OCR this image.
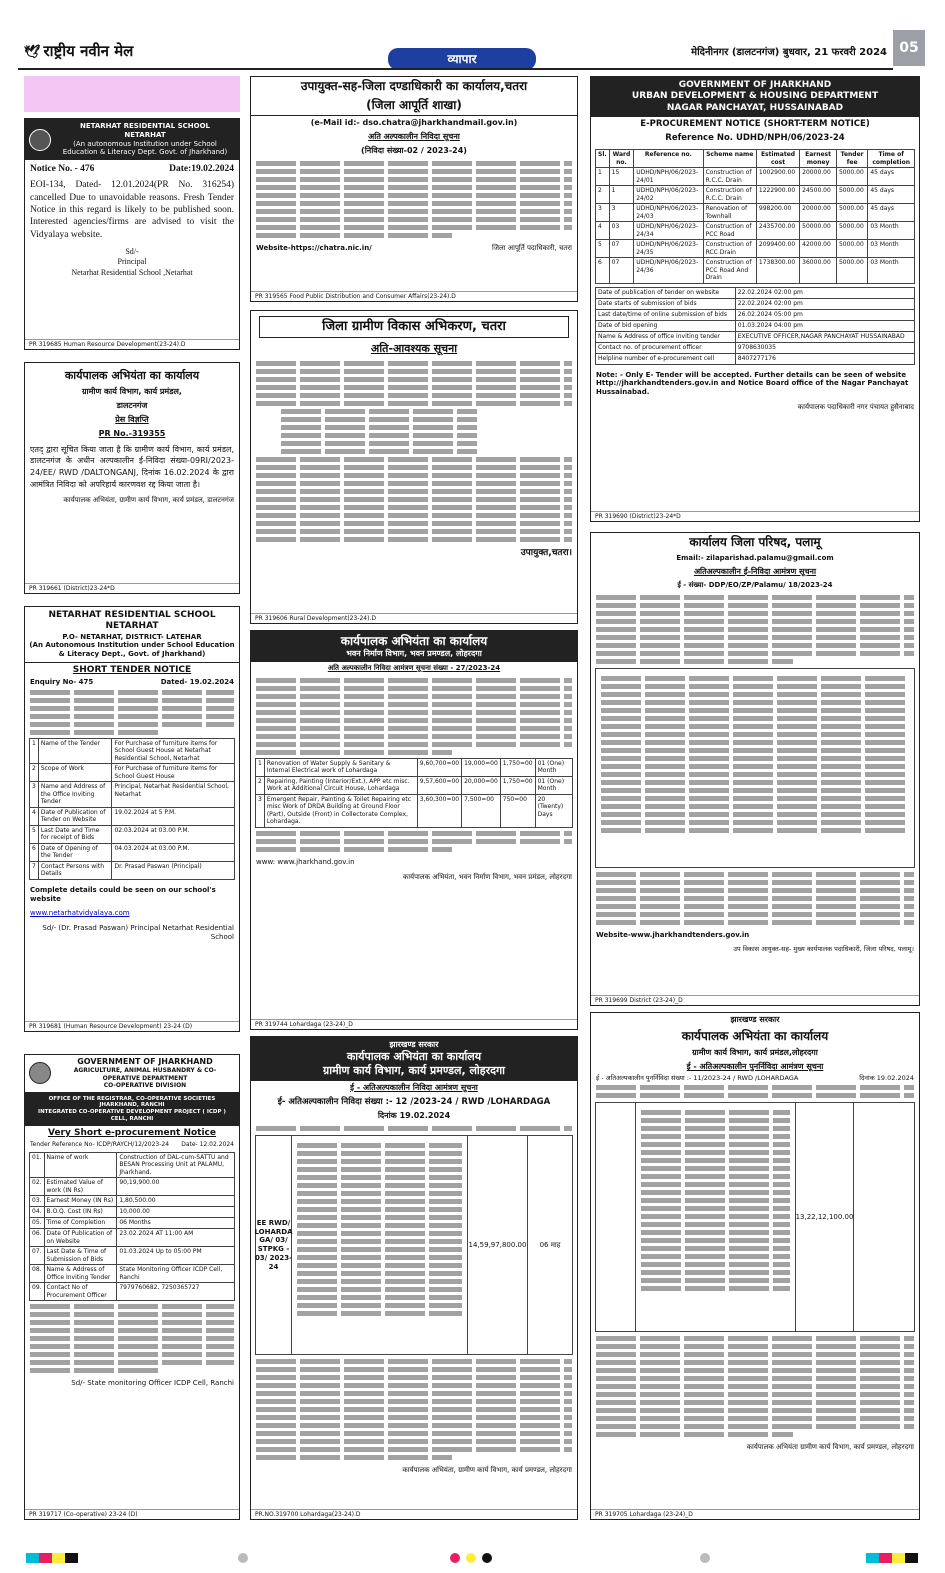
🕊 राष्ट्रीय नवीन मेल	मेदिनीनगर (डालटनगंज) बुधवार, 21 फरवरी 2024
व्यापार
05
NETARHAT RESIDENTIAL SCHOOL
NETARHAT
(An autonomous Institution under School Education & Literacy Dept. Govt. of Jharkhand)
Notice No. - 476	Date:19.02.2024
EOI-134, Dated- 12.01.2024(PR No. 316254) cancelled Due to unavoidable reasons. Fresh Tender Notice in this regard is likely to be published soon. Interested agencies/firms are advised to visit the Vidyalaya website.
Sd/-
Principal
Netarhat Residential School ,Netarhat
PR 319685 Human Resource Development(23-24).D
कार्यपालक अभियंता का कार्यालय
ग्रामीण कार्य विभाग, कार्य प्रमंडल,
डालटनगंज
प्रेस विज्ञप्ति
PR No.-319355
एतद् द्वारा सूचित किया जाता है कि ग्रामीण कार्य विभाग, कार्य प्रमंडल, डालटनगंज के अधीन अल्पकालीन ई-निविदा संख्या-09RI/2023-24/EE/ RWD /DALTONGANJ, दिनांक 16.02.2024 के द्वारा आमंत्रित निविदा को अपरिहार्य कारणवश रद्द किया जाता है।
कार्यपालक अभियंता, ग्रामीण कार्य विभाग, कार्य प्रमंडल, डालटनगंज
PR 319661 (District)23-24*D
NETARHAT RESIDENTIAL SCHOOL
NETARHAT
P.O- NETARHAT, DISTRICT- LATEHAR
(An Autonomous Institution under School Education & Literacy Dept., Govt. of Jharkhand)
SHORT TENDER NOTICE
Enquiry No- 475	Dated- 19.02.2024
1	Name of the Tender	For Purchase of furniture items for School Guest House at Netarhat Residential School, Netarhat
2	Scope of Work	For Purchase of furniture items for School Guest House
3	Name and Address of the Office Inviting Tender	Principal, Netarhat Residential School, Netarhat
4	Date of Publication of Tender on Website	19.02.2024 at 5 P.M.
5	Last Date and Time for receipt of Bids	02.03.2024 at 03.00 P.M.
6	Date of Opening of the Tender	04.03.2024 at 03.00 P.M.
7	Contact Persons with Details	Dr. Prasad Paswan (Principal)
Complete details could be seen on our school's website
www.netarhatvidyalaya.com
Sd/- (Dr. Prasad Paswan) Principal Netarhat Residential School
PR 319681 (Human Resource Development) 23-24 (D)
GOVERNMENT OF JHARKHAND
AGRICULTURE, ANIMAL HUSBANDRY & CO-OPERATIVE DEPARTMENT
CO-OPERATIVE DIVISION
OFFICE OF THE REGISTRAR, CO-OPERATIVE SOCIETIES JHARKHAND, RANCHI
INTEGRATED CO-OPERATIVE DEVELOPMENT PROJECT ( ICDP ) CELL, RANCHI
Very Short e-procurement Notice
Tender Reference No- ICDP/RAYCH/12/2023-24 Date- 12.02.2024
01.	Name of work	Construction of DAL-cum-SATTU and BESAN Processing Unit at PALAMU, Jharkhand.
02.	Estimated Value of work (IN Rs)	90,19,900.00
03.	Earnest Money (IN Rs)	1,80,500.00
04.	B.O.Q. Cost (IN Rs)	10,000.00
05.	Time of Completion	06 Months
06.	Date Of Publication of on Website	23.02.2024 AT 11:00 AM
07.	Last Date & Time of Submission of Bids	01.03.2024 Up to 05:00 PM
08.	Name & Address of Office Inviting Tender	State Monitoring Officer ICDP Cell, Ranchi
09.	Contact No of Procurement Officer	7979760682, 7250365727
Sd/- State monitoring Officer ICDP Cell, Ranchi
PR 319717 (Co-operative) 23-24 (D)
उपायुक्त-सह-जिला दण्डाधिकारी का कार्यालय,चतरा
(जिला आपूर्ति शाखा)
(e-Mail id:- dso.chatra@jharkhandmail.gov.in)
अति अल्पकालीन निविदा सूचना
(निविदा संख्या-02 / 2023-24)
Website-https://chatra.nic.in/	जिला आपूर्ति पदाधिकारी, चतरा
PR 319565 Food Public Distribution and Consumer Affairs(23-24).D
जिला ग्रामीण विकास अभिकरण, चतरा
अति-आवश्यक सूचना
उपायुक्त,चतरा।
PR 319606 Rural Development(23-24).D
कार्यपालक अभियंता का कार्यालय
भवन निर्माण विभाग, भवन प्रमण्डल, लोहरदगा
अति अल्पकालीन निविदा आमंत्रण सूचना संख्या - 27/2023-24
1	Renovation of Water Supply & Sanitary & Internal Electrical work of Lohardaga	9,60,700=00	19,000=00	1,750=00	01 (One) Month
2	Repairing, Painting (Interior/Ext.), APP etc misc. Work at Additional Circuit House, Lohardaga	9,57,600=00	20,000=00	1,750=00	01 (One) Month
3	Emergent Repair, Painting & Toilet Repairing etc misc Work of DRDA Building at Ground Floor (Part), Outside (Front) in Collectorate Complex, Lohardaga.	3,60,300=00	7,500=00	750=00	20 (Twenty) Days
www: www.jharkhand.gov.in
कार्यपालक अभियंता, भवन निर्माण विभाग, भवन प्रमंडल, लोहरदगा
PR 319744 Lohardaga (23-24)_D
झारखण्ड सरकार
कार्यपालक अभियंता का कार्यालय
ग्रामीण कार्य विभाग, कार्य प्रमण्डल, लोहरदगा
ई - अतिअल्पकालीन निविदा आमंत्रण सूचना
ई- अतिअल्पकालीन निविदा संख्या :- 12 /2023-24 / RWD /LOHARDAGA
दिनांक 19.02.2024
EE RWD/ LOHARDA GA/ 03/ STPKG - 03/ 2023-24
14,59,97,800.00	06 माह
कार्यपालक अभियंता, ग्रामीण कार्य विभाग, कार्य प्रमण्डल, लोहरदगा
PR.NO.319700 Lohardaga(23-24).D
GOVERNMENT OF JHARKHAND
URBAN DEVELOPMENT & HOUSING DEPARTMENT
NAGAR PANCHAYAT, HUSSAINABAD
E-PROCUREMENT NOTICE (SHORT-TERM NOTICE)
Reference No. UDHD/NPH/06/2023-24
Sl.	Ward no.	Reference no.	Scheme name	Estimated cost	Earnest money	Tender fee	Time of completion
1	15	UDHD/NPH/06/2023-24/01	Construction of R.C.C. Drain	1002900.00	20000.00	5000.00	45 days
2	1	UDHD/NPH/06/2023-24/02	Construction of R.C.C. Drain	1222900.00	24500.00	5000.00	45 days
3	3	UDHD/NPH/06/2023-24/03	Renovation of Townhall	998200.00	20000.00	5000.00	45 days
4	03	UDHD/NPH/06/2023-24/34	Construction of PCC Road	2435700.00	50000.00	5000.00	03 Month
5	07	UDHD/NPH/06/2023-24/35	Construction of RCC Drain	2099400.00	42000.00	5000.00	03 Month
6	07	UDHD/NPH/06/2023-24/36	Construction of PCC Road And Drain	1738300.00	36000.00	5000.00	03 Month
Date of publication of tender on website	22.02.2024 02:00 pm
Date starts of submission of bids	22.02.2024 02:00 pm
Last date/time of online submission of bids	26.02.2024 05:00 pm
Date of bid opening	01.03.2024 04:00 pm
Name & Address of office inviting tender	EXECUTIVE OFFICER,NAGAR PANCHAYAT HUSSAINABAD
Contact no. of procurement officer	9708630035
Helpline number of e-procurement cell	8407277176
Note: - Only E- Tender will be accepted. Further details can be seen of website Http://jharkhandtenders.gov.in and Notice Board office of the Nagar Panchayat Hussainabad.
कार्यपालक पदाधिकारी नगर पंचायत हुसैनाबाद
PR 319690 (District)23-24*D
कार्यालय जिला परिषद, पलामू
Email:- zilaparishad.palamu@gmail.com
अतिअल्पकालीन ई-निविदा आमंत्रण सूचना
ई - संख्या- DDP/EO/ZP/Palamu/ 18/2023-24
Website-www.jharkhandtenders.gov.in
उप विकास आयुक्त-सह- मुख्य कार्यपालक पदाधिकारी, जिला परिषद, पलामू।
PR 319699 District (23-24)_D
झारखण्ड सरकार
कार्यपालक अभियंता का कार्यालय
ग्रामीण कार्य विभाग, कार्य प्रमंडल,लोहरदगा
ई - अतिअल्पकालीन पुनर्निविदा आमंत्रण सूचना
ई - अतिअल्पकालीन पुनर्निविदा संख्या :- 11/2023-24 / RWD /LOHARDAGA	दिनांक 19.02.2024
13,22,12,100.00
कार्यपालक अभियंता ग्रामीण कार्य विभाग, कार्य प्रमण्डल, लोहरदगा
PR 319705 Lohardaga (23-24)_D
